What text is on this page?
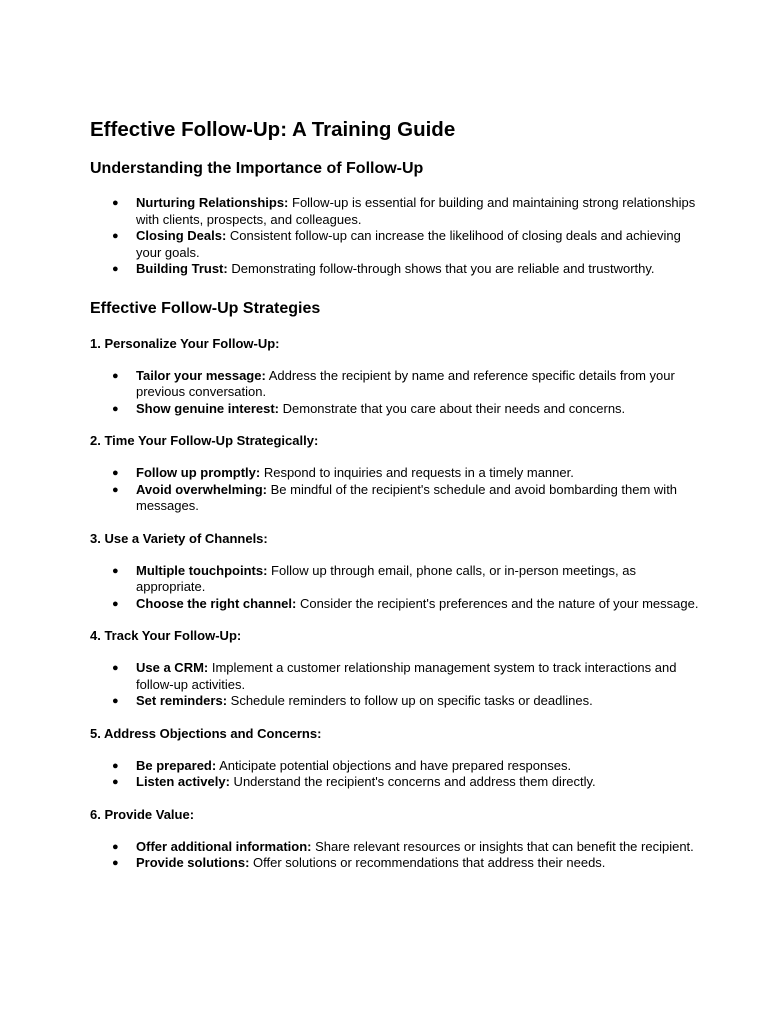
Effective Follow-Up: A Training Guide
Understanding the Importance of Follow-Up
● Nurturing Relationships: Follow-up is essential for building and maintaining strong relationships with clients, prospects, and colleagues.
● Closing Deals: Consistent follow-up can increase the likelihood of closing deals and achieving your goals.
● Building Trust: Demonstrating follow-through shows that you are reliable and trustworthy.
Effective Follow-Up Strategies
1. Personalize Your Follow-Up:
● Tailor your message: Address the recipient by name and reference specific details from your previous conversation.
● Show genuine interest: Demonstrate that you care about their needs and concerns.
2. Time Your Follow-Up Strategically:
● Follow up promptly: Respond to inquiries and requests in a timely manner.
● Avoid overwhelming: Be mindful of the recipient's schedule and avoid bombarding them with messages.
3. Use a Variety of Channels:
● Multiple touchpoints: Follow up through email, phone calls, or in-person meetings, as appropriate.
● Choose the right channel: Consider the recipient's preferences and the nature of your message.
4. Track Your Follow-Up:
● Use a CRM: Implement a customer relationship management system to track interactions and follow-up activities.
● Set reminders: Schedule reminders to follow up on specific tasks or deadlines.
5. Address Objections and Concerns:
● Be prepared: Anticipate potential objections and have prepared responses.
● Listen actively: Understand the recipient's concerns and address them directly.
6. Provide Value:
● Offer additional information: Share relevant resources or insights that can benefit the recipient.
● Provide solutions: Offer solutions or recommendations that address their needs.
